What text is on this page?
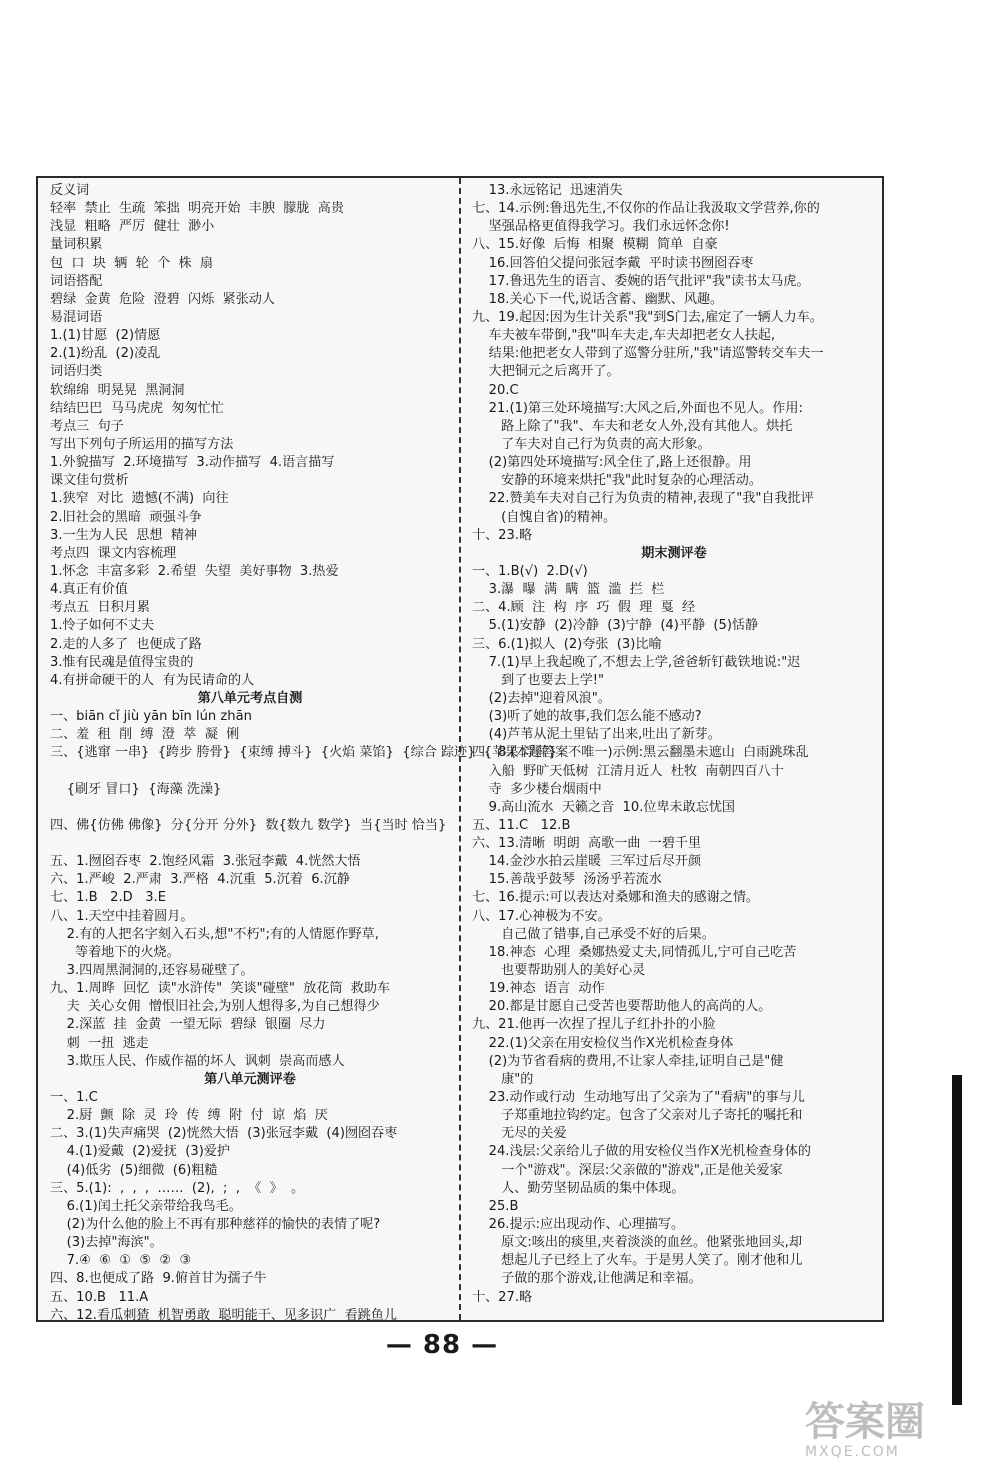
反义词
轻率  禁止  生疏  笨拙  明亮开始  丰腴  朦胧  高贵
浅显  粗略  严厉  健壮  渺小
量词积累
包  口  块  辆  轮  个  株  扇
词语搭配
碧绿  金黄  危险  澄碧  闪烁  紧张动人
易混词语
1.(1)甘愿  (2)情愿
2.(1)纷乱  (2)凌乱
词语归类
软绵绵  明晃晃  黑洞洞
结结巴巴  马马虎虎  匆匆忙忙
考点三  句子
写出下列句子所运用的描写方法
1.外貌描写  2.环境描写  3.动作描写  4.语言描写
课文佳句赏析
1.狭窄  对比  遗憾(不满)  向往
2.旧社会的黑暗  顽强斗争
3.一生为人民  思想  精神
考点四  课文内容梳理
1.怀念  丰富多彩  2.希望  失望  美好事物  3.热爱
4.真正有价值
考点五  日积月累
1.怜子如何不丈夫
2.走的人多了  也便成了路
3.惟有民魂是值得宝贵的
4.有拼命硬干的人  有为民请命的人
第八单元考点自测
一、biān cǐ jiù yān bīn lún zhān
二、羞  租  削  缚  澄  萃  凝  俐
三、{逃窜 一串}  {跨步 胯骨}  {束缚 搏斗}  {火焰 菜馅}  {综合 踪迹}  {苹果 浮萍}
{刷牙 冒口}  {海藻 洗澡}
四、佛{仿佛 佛像}  分{分开 分外}  数{数九 数学}  当{当时 恰当}
五、1.囫囵吞枣  2.饱经风霜  3.张冠李戴  4.恍然大悟
六、1.严峻  2.严肃  3.严格  4.沉重  5.沉着  6.沉静
七、1.B   2.D   3.E
八、1.天空中挂着圆月。
2.有的人把名字刻入石头,想"不朽";有的人情愿作野草,
等着地下的火烧。
3.四周黑洞洞的,还容易碰壁了。
九、1.周晔  回忆  读"水浒传"  笑谈"碰壁"  放花筒  救助车
夫  关心女佣  憎恨旧社会,为别人想得多,为自己想得少
2.深蓝  挂  金黄  一望无际  碧绿  银圈  尽力
刺  一扭  逃走
3.欺压人民、作威作福的坏人  讽刺  崇高而感人
第八单元测评卷
一、1.C
2.厨  颤  除  灵  玲  传  缚  附  付  谅  焰  厌
二、3.(1)失声痛哭  (2)恍然大悟  (3)张冠李戴  (4)囫囵吞枣
4.(1)爱戴  (2)爱抚  (3)爱护
(4)低劣  (5)细微  (6)粗糙
三、5.(1):  ,  ,  ,  ……  (2),  ;  ,  《  》  。
6.(1)闰土托父亲带给我鸟毛。
(2)为什么他的脸上不再有那种慈祥的愉快的表情了呢?
(3)去掉"海滨"。
7.④  ⑥  ①  ⑤  ②  ③
四、8.也便成了路  9.俯首甘为孺子牛
五、10.B   11.A
六、12.看瓜刺猹  机智勇敢  聪明能干、见多识广  看跳鱼儿
13.永远铭记  迅速消失
七、14.示例:鲁迅先生,不仅你的作品让我汲取文学营养,你的
坚强品格更值得我学习。我们永远怀念你!
八、15.好像  后悔  相聚  模糊  简单  自豪
16.回答伯父提问张冠李戴  平时读书囫囵吞枣
17.鲁迅先生的语言、委婉的语气批评"我"读书太马虎。
18.关心下一代,说话含蓄、幽默、风趣。
九、19.起因:因为生计关系"我"到S门去,雇定了一辆人力车。
车夫被车带倒,"我"叫车夫走,车夫却把老女人扶起,
结果:他把老女人带到了巡警分驻所,"我"请巡警转交车夫一
大把铜元之后离开了。
20.C
21.(1)第三处环境描写:大风之后,外面也不见人。作用:
路上除了"我"、车夫和老女人外,没有其他人。烘托
了车夫对自己行为负责的高大形象。
(2)第四处环境描写:风全住了,路上还很静。用
安静的环境来烘托"我"此时复杂的心理活动。
22.赞美车夫对自己行为负责的精神,表现了"我"自我批评
(自愧自省)的精神。
十、23.略
期末测评卷
一、1.B(√)  2.D(√)
3.瀑  曝  满  瞒  篮  滥  拦  栏
二、4.顾  注  构  序  巧  假  理  戛  经
5.(1)安静  (2)冷静  (3)宁静  (4)平静  (5)恬静
三、6.(1)拟人  (2)夸张  (3)比喻
7.(1)早上我起晚了,不想去上学,爸爸斩钉截铁地说:"迟
到了也要去上学!"
(2)去掉"迎着风浪"。
(3)听了她的故事,我们怎么能不感动?
(4)芦苇从泥土里钻了出来,吐出了新芽。
四、8.(本题答案不唯一)示例:黑云翻墨未遮山  白雨跳珠乱
入船  野旷天低树  江清月近人  杜牧  南朝四百八十
寺  多少楼台烟雨中
9.高山流水  天籁之音  10.位卑未敢忘忧国
五、11.C   12.B
六、13.清晰  明朗  高歌一曲  一碧千里
14.金沙水拍云崖暖  三军过后尽开颜
15.善哉乎鼓琴  汤汤乎若流水
七、16.提示:可以表达对桑娜和渔夫的感谢之情。
八、17.心神极为不安。
自己做了错事,自己承受不好的后果。
18.神态  心理  桑娜热爱丈夫,同情孤儿,宁可自己吃苦
也要帮助别人的美好心灵
19.神态  语言  动作
20.都是甘愿自己受苦也要帮助他人的高尚的人。
九、21.他再一次捏了捏儿子红扑扑的小脸
22.(1)父亲在用安检仪当作X光机检查身体
(2)为节省看病的费用,不让家人牵挂,证明自己是"健
康"的
23.动作或行动  生动地写出了父亲为了"看病"的事与儿
子郑重地拉钩约定。包含了父亲对儿子寄托的嘱托和
无尽的关爱
24.浅层:父亲给儿子做的用安检仪当作X光机检查身体的
一个"游戏"。深层:父亲做的"游戏",正是他关爱家
人、勤劳坚韧品质的集中体现。
25.B
26.提示:应出现动作、心理描写。
原文:咳出的痰里,夹着淡淡的血丝。他紧张地回头,却
想起儿子已经上了火车。于是男人笑了。刚才他和儿
子做的那个游戏,让他满足和幸福。
十、27.略
— 88 —
答案圈
MXQE.COM
